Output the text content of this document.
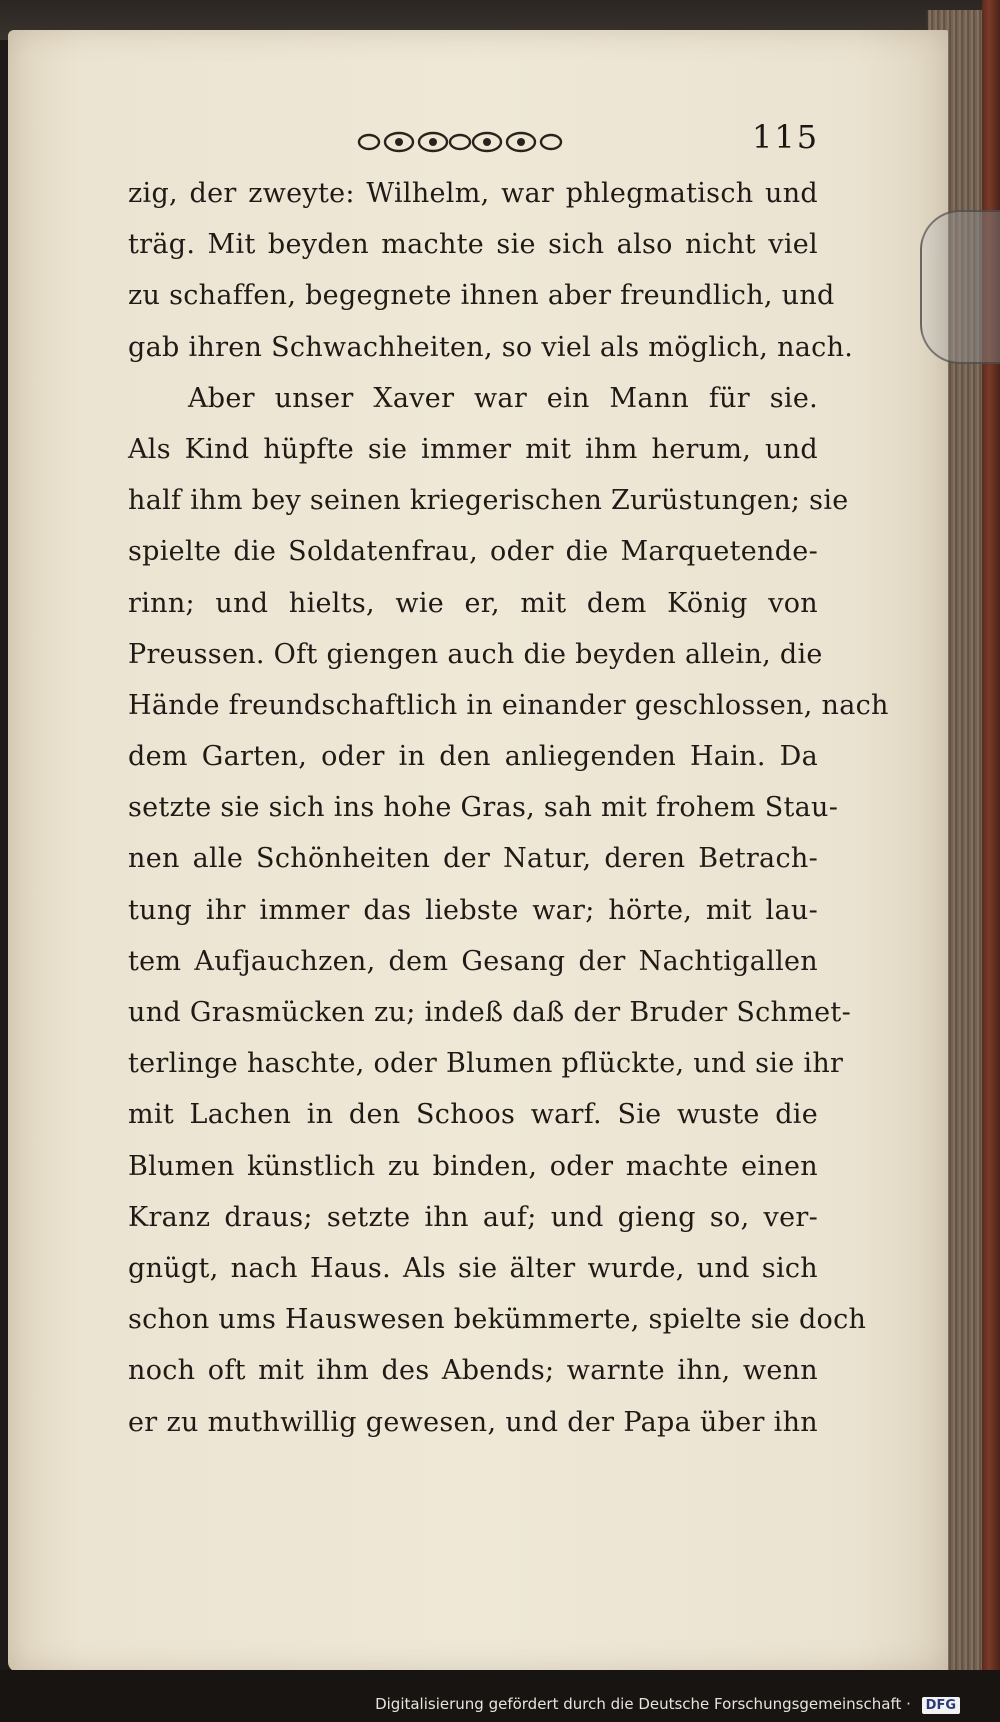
115
zig, der zweyte: Wilhelm, war phlegmatisch und
träg. Mit beyden machte sie sich also nicht viel
zu schaffen, begegnete ihnen aber freundlich, und
gab ihren Schwachheiten, so viel als möglich, nach.
Aber unser Xaver war ein Mann für sie.
Als Kind hüpfte sie immer mit ihm herum, und
half ihm bey seinen kriegerischen Zurüstungen; sie
spielte die Soldatenfrau, oder die Marquetende-
rinn; und hielts, wie er, mit dem König von
Preussen. Oft giengen auch die beyden allein, die
Hände freundschaftlich in einander geschlossen, nach
dem Garten, oder in den anliegenden Hain. Da
setzte sie sich ins hohe Gras, sah mit frohem Stau-
nen alle Schönheiten der Natur, deren Betrach-
tung ihr immer das liebste war; hörte, mit lau-
tem Aufjauchzen, dem Gesang der Nachtigallen
und Grasmücken zu; indeß daß der Bruder Schmet-
terlinge haschte, oder Blumen pflückte, und sie ihr
mit Lachen in den Schoos warf. Sie wuste die
Blumen künstlich zu binden, oder machte einen
Kranz draus; setzte ihn auf; und gieng so, ver-
gnügt, nach Haus. Als sie älter wurde, und sich
schon ums Hauswesen bekümmerte, spielte sie doch
noch oft mit ihm des Abends; warnte ihn, wenn
er zu muthwillig gewesen, und der Papa über ihn
Digitalisierung gefördert durch die Deutsche Forschungsgemeinschaft · DFG
